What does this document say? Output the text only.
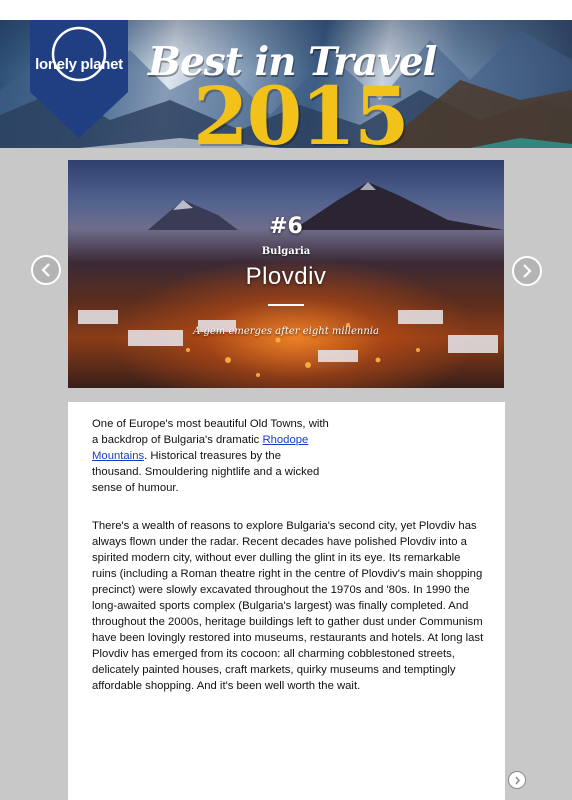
lonely planet Best in Travel
2015
#6
Bulgaria
Plovdiv
A gem emerges after eight millennia

One of Europe's most beautiful Old Towns, with a backdrop of Bulgaria's dramatic Rhodope Mountains. Historical treasures by the thousand. Smouldering nightlife and a wicked sense of humour.

There's a wealth of reasons to explore Bulgaria's second city, yet Plovdiv has always flown under the radar. Recent decades have polished Plovdiv into a spirited modern city, without ever dulling the glint in its eye. Its remarkable ruins (including a Roman theatre right in the centre of Plovdiv's main shopping precinct) were slowly excavated throughout the 1970s and '80s. In 1990 the long-awaited sports complex (Bulgaria's largest) was finally completed. And throughout the 2000s, heritage buildings left to gather dust under Communism have been lovingly restored into museums, restaurants and hotels. At long last Plovdiv has emerged from its cocoon: all charming cobblestoned streets, delicately painted houses, craft markets, quirky museums and temptingly affordable shopping. And it's been well worth the wait.
